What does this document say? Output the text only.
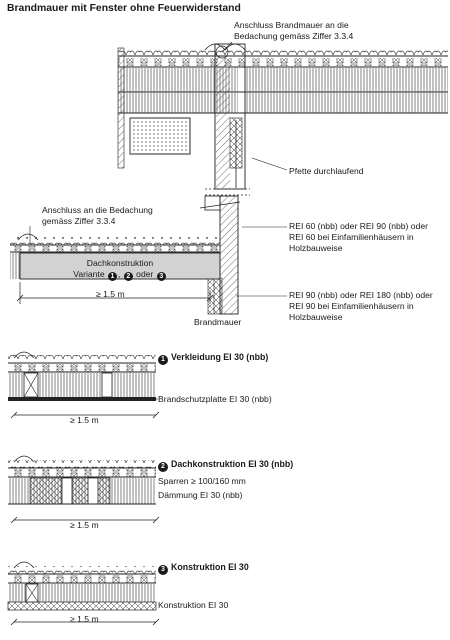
Brandmauer mit Fenster ohne Feuerwiderstand
Anschluss Brandmauer an die
Bedachung gemäss Ziffer 3.3.4
Pfette durchlaufend
Anschluss an die Bedachung
gemäss Ziffer 3.3.4	REI 60 (nbb) oder REI 90 (nbb) oder
REI 60 bei Einfamilienhäusern in
Holzbauweise
Dachkonstruktion
Variante 1 , 2 oder 3
≥ 1.5 m	REI 90 (nbb) oder REI 180 (nbb) oder
REI 90 bei Einfamilienhäusern in
Holzbauweise
Brandmauer
1 Verkleidung EI 30 (nbb)
Brandschutzplatte EI 30 (nbb)
≥ 1.5 m
2 Dachkonstruktion EI 30 (nbb)
Sparren ≥ 100/160 mm
Dämmung EI 30 (nbb)
≥ 1.5 m
3 Konstruktion EI 30
Konstruktion EI 30
≥ 1.5 m
